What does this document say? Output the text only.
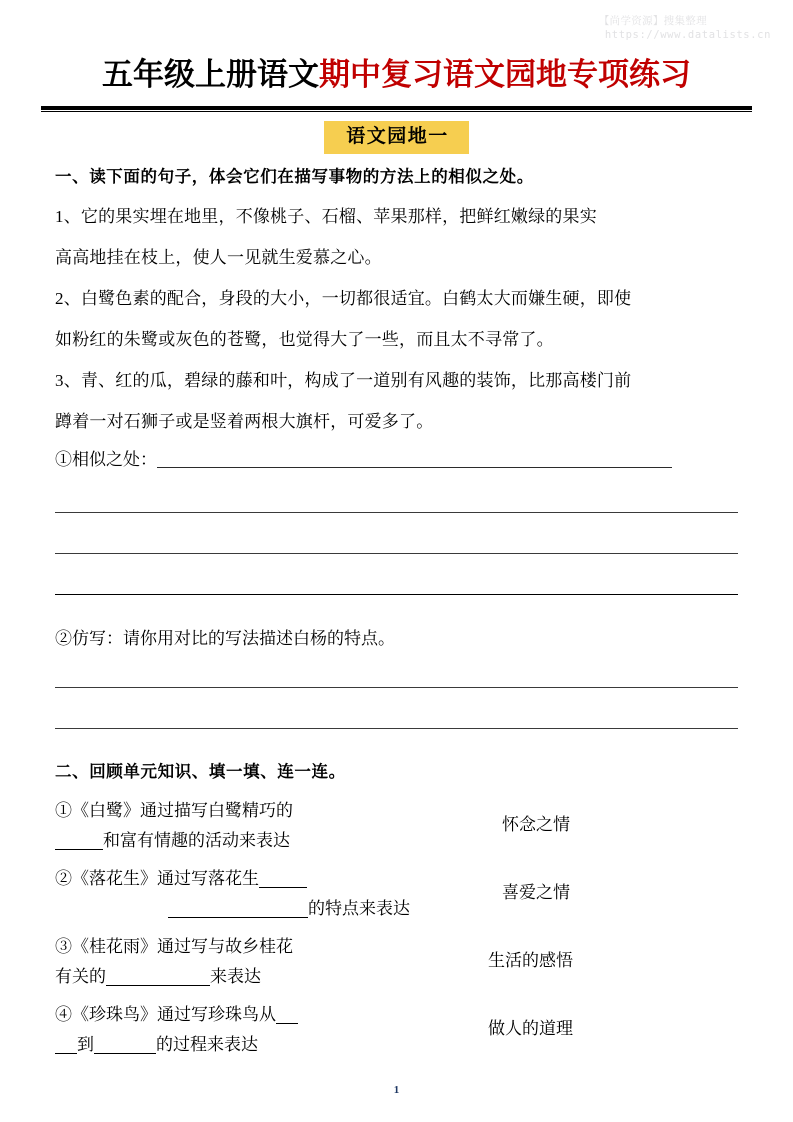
【尚学资源】搜集整理
https://www.datalists.cn
五年级上册语文期中复习语文园地专项练习
语文园地一
一、读下面的句子，体会它们在描写事物的方法上的相似之处。

1、它的果实埋在地里，不像桃子、石榴、苹果那样，把鲜红嫩绿的果实

高高地挂在枝上，使人一见就生爱慕之心。

2、白鹭色素的配合，身段的大小，一切都很适宜。白鹤太大而嫌生硬，即使

如粉红的朱鹭或灰色的苍鹭，也觉得大了一些，而且太不寻常了。

3、青、红的瓜，碧绿的藤和叶，构成了一道别有风趣的装饰，比那高楼门前

蹲着一对石狮子或是竖着两根大旗杆，可爱多了。

①相似之处：

②仿写：请你用对比的写法描述白杨的特点。

二、回顾单元知识、填一填、连一连。
①《白鹭》通过描写白鹭精巧的
和富有情趣的活动来表达
②《落花生》通过写落花生
的特点来表达
③《桂花雨》通过写与故乡桂花
有关的	来表达
④《珍珠鸟》通过写珍珠鸟从
到	的过程来表达
怀念之情
喜爱之情
生活的感悟
做人的道理
1
